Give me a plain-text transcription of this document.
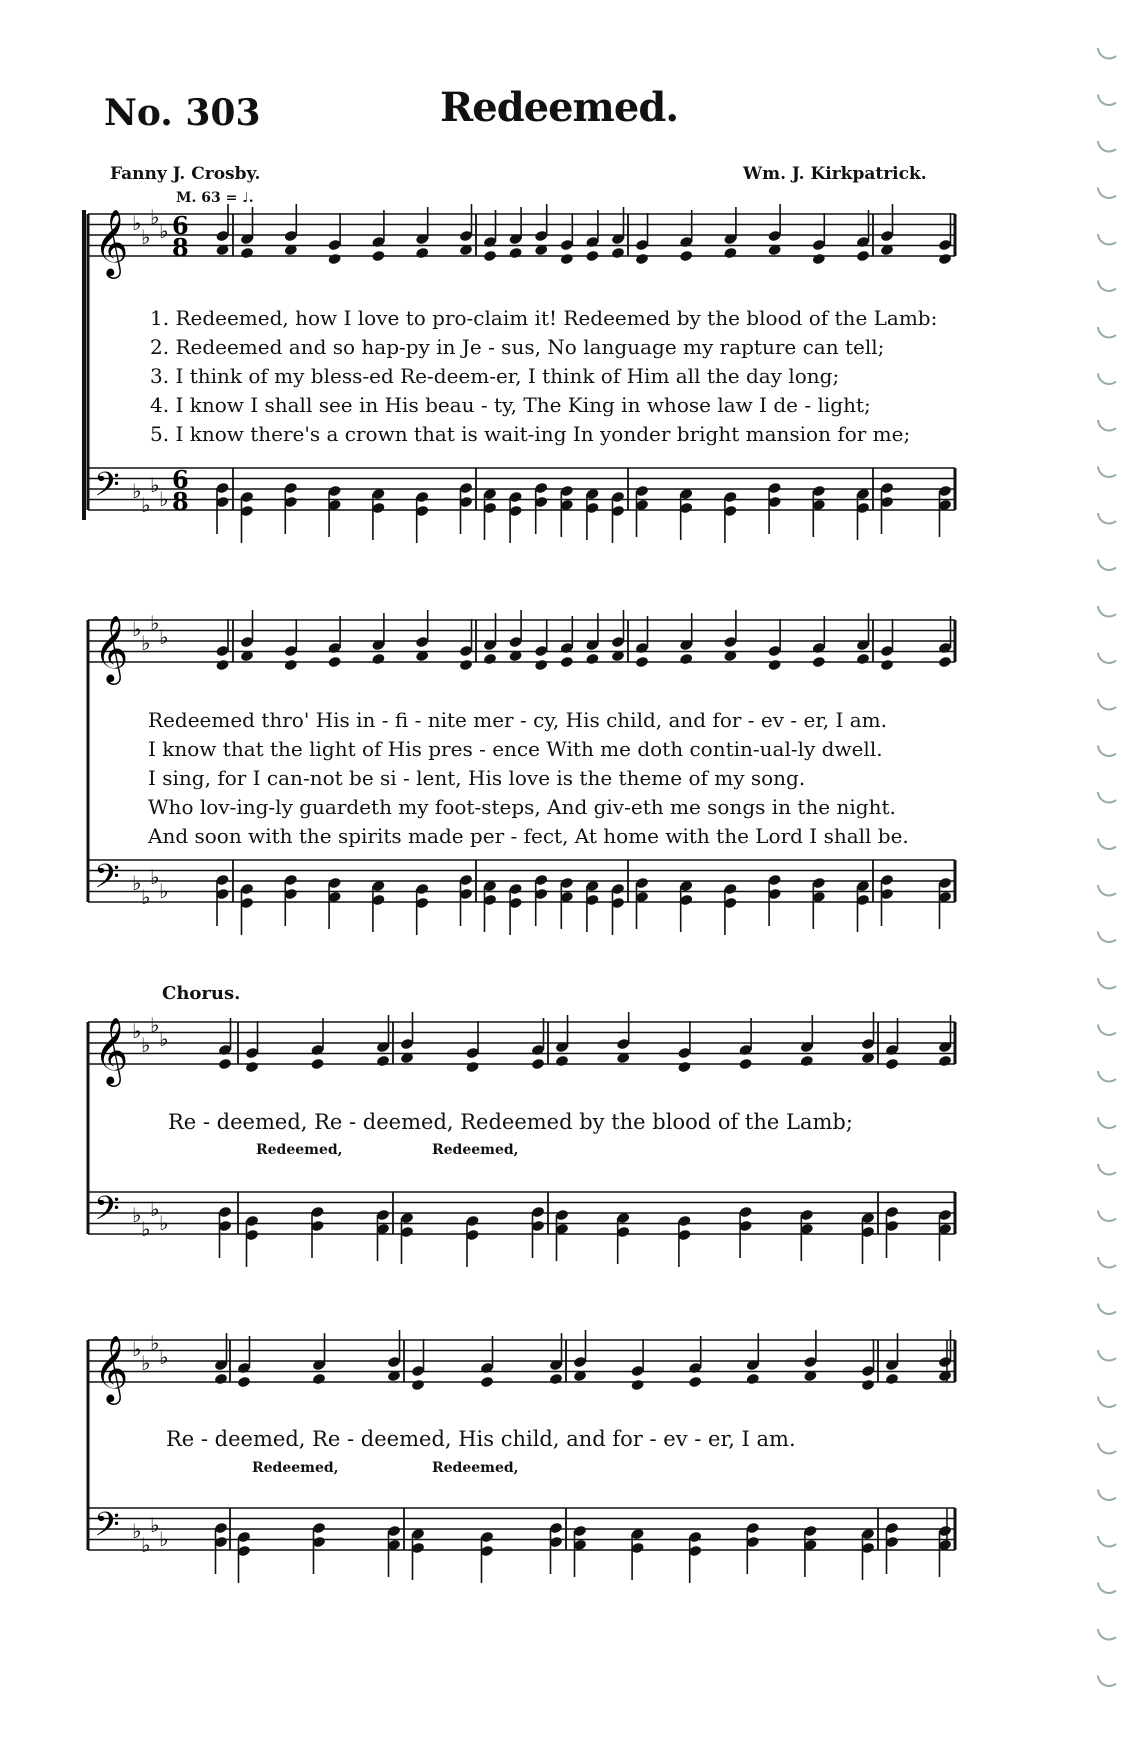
No. 303	Redeemed.
Fanny J. Crosby.	Wm. J. Kirkpatrick.
M. 63 = ♩.
𝄞 ♭
♭
♭
♭ 6
8
𝄢 ♭
♭
♭
♭
6
8
𝄞 ♭
♭
♭
♭
𝄢 ♭
♭
♭
♭
𝄞 ♭
♭
♭
♭
𝄢 ♭
♭
♭
♭
𝄞 ♭
♭
♭
♭
𝄢 ♭
♭
♭
♭
1. Redeemed, how I love to pro-claim it! Redeemed by the blood of the Lamb:
2. Redeemed and so hap-py in Je - sus, No language my rapture can tell;
3. I think of my bless-ed Re-deem-er, I think of Him all the day long;
4. I know I shall see in His beau - ty, The King in whose law I de - light;
5. I know there's a crown that is wait-ing In yonder bright mansion for me;
Redeemed thro' His in - fi - nite mer - cy, His child, and for - ev - er, I am.
I know that the light of His pres - ence With me doth contin-ual-ly dwell.
I sing, for I can-not be si - lent, His love is the theme of my song.
Who lov-ing-ly guardeth my foot-steps, And giv-eth me songs in the night.
And soon with the spirits made per - fect, At home with the Lord I shall be.
Chorus.
Re - deemed, Re - deemed, Redeemed by the blood of the Lamb;
Redeemed,	Redeemed,
Re - deemed, Re - deemed, His child, and for - ev - er, I am.
Redeemed,	Redeemed,
